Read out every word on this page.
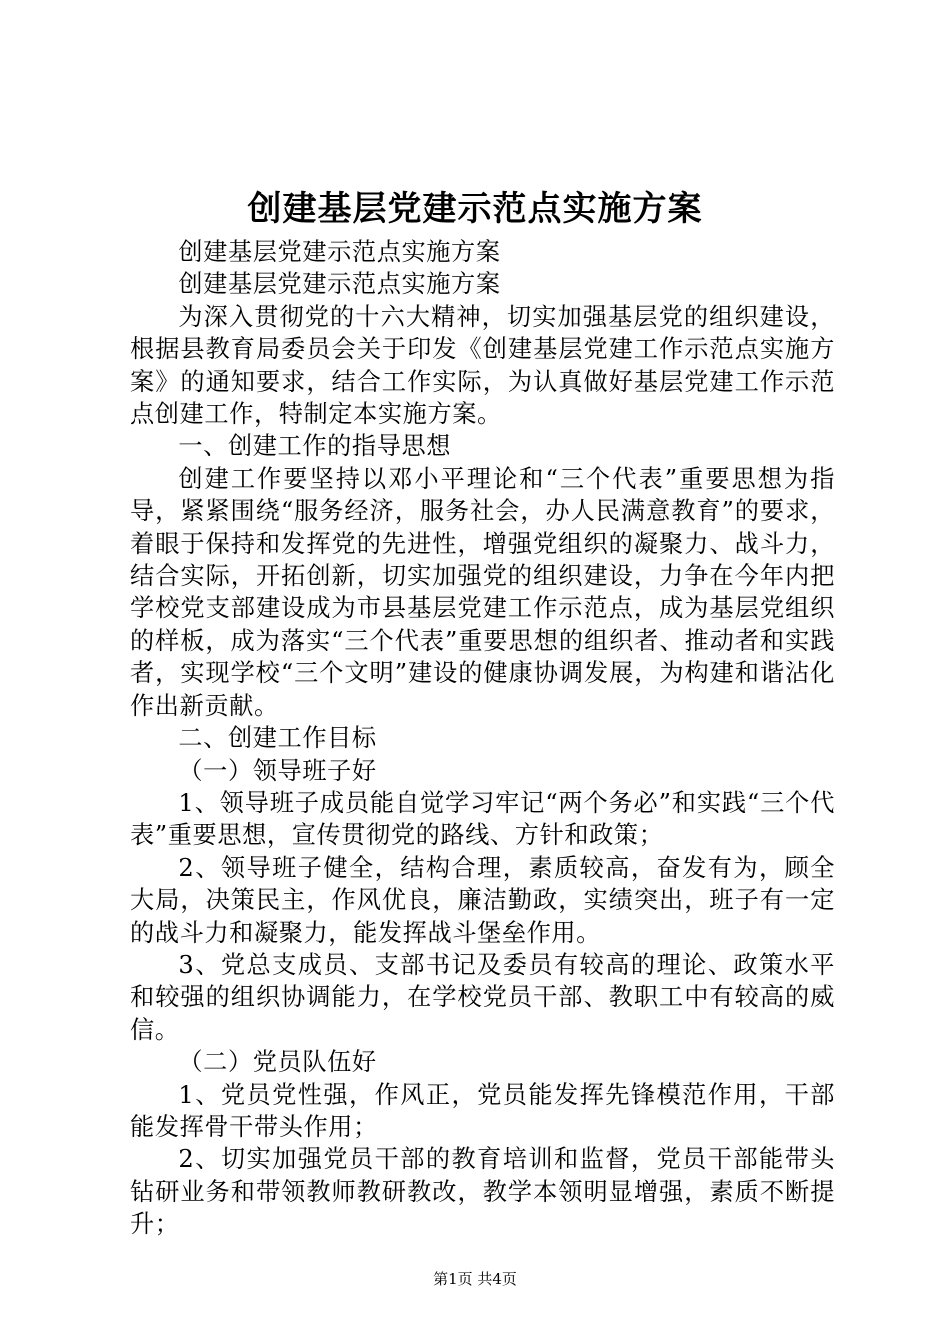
创建基层党建示范点实施方案

创建基层党建示范点实施方案

创建基层党建示范点实施方案

为深入贯彻党的十六大精神，切实加强基层党的组织建设，根据县教育局委员会关于印发《创建基层党建工作示范点实施方案》的通知要求，结合工作实际，为认真做好基层党建工作示范点创建工作，特制定本实施方案。

一、创建工作的指导思想

创建工作要坚持以邓小平理论和“三个代表”重要思想为指导，紧紧围绕“服务经济，服务社会，办人民满意教育”的要求，着眼于保持和发挥党的先进性，增强党组织的凝聚力、战斗力，结合实际，开拓创新，切实加强党的组织建设，力争在今年内把学校党支部建设成为市县基层党建工作示范点，成为基层党组织的样板，成为落实“三个代表”重要思想的组织者、推动者和实践者，实现学校“三个文明”建设的健康协调发展，为构建和谐沾化作出新贡献。

二、创建工作目标

（一）领导班子好

1、领导班子成员能自觉学习牢记“两个务必”和实践“三个代表”重要思想，宣传贯彻党的路线、方针和政策；

2、领导班子健全，结构合理，素质较高，奋发有为，顾全大局，决策民主，作风优良，廉洁勤政，实绩突出，班子有一定的战斗力和凝聚力，能发挥战斗堡垒作用。

3、党总支成员、支部书记及委员有较高的理论、政策水平和较强的组织协调能力，在学校党员干部、教职工中有较高的威信。

（二）党员队伍好

1、党员党性强，作风正，党员能发挥先锋模范作用，干部能发挥骨干带头作用；

2、切实加强党员干部的教育培训和监督，党员干部能带头钻研业务和带领教师教研教改，教学本领明显增强，素质不断提升；

第1页 共4页
